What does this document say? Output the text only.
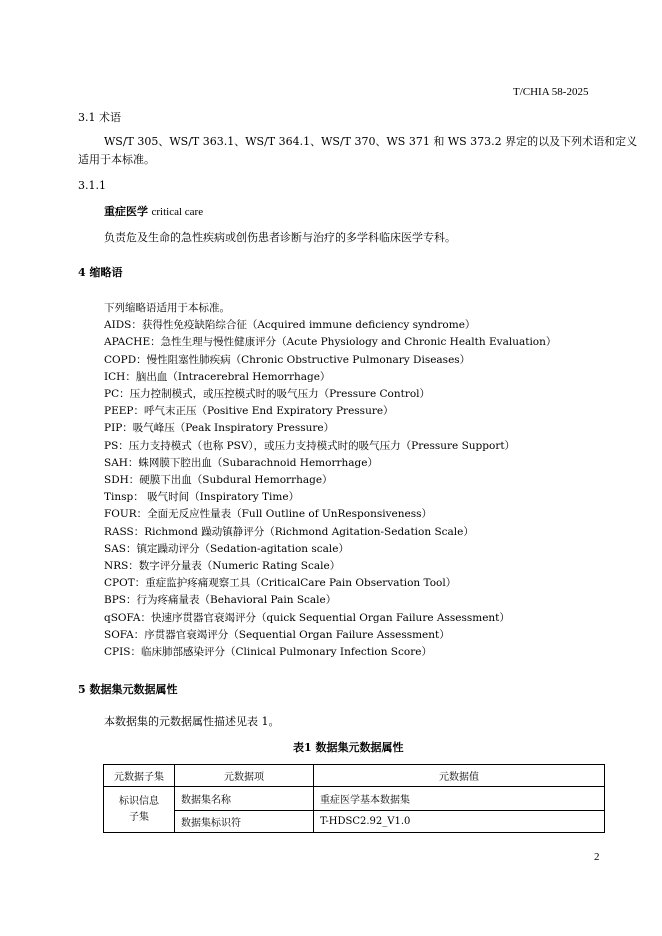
T/CHIA 58-2025
3.1 术语
WS/T 305、WS/T 363.1、WS/T 364.1、WS/T 370、WS 371 和 WS 373.2 界定的以及下列术语和定义
适用于本标准。
3.1.1
重症医学 critical care
负责危及生命的急性疾病或创伤患者诊断与治疗的多学科临床医学专科。
4 缩略语
下列缩略语适用于本标准。
AIDS：获得性免疫缺陷综合征（Acquired immune deficiency syndrome）
APACHE：急性生理与慢性健康评分（Acute Physiology and Chronic Health Evaluation）
COPD：慢性阻塞性肺疾病（Chronic Obstructive Pulmonary Diseases）
ICH：脑出血（Intracerebral Hemorrhage）
PC：压力控制模式，或压控模式时的吸气压力（Pressure Control）
PEEP：呼气末正压（Positive End Expiratory Pressure）
PIP：吸气峰压（Peak Inspiratory Pressure）
PS：压力支持模式（也称 PSV），或压力支持模式时的吸气压力（Pressure Support）
SAH：蛛网膜下腔出血（Subarachnoid Hemorrhage）
SDH：硬膜下出血（Subdural Hemorrhage）
Tinsp： 吸气时间（Inspiratory Time）
FOUR：全面无反应性量表（Full Outline of UnResponsiveness）
RASS：Richmond 躁动镇静评分（Richmond Agitation-Sedation Scale）
SAS：镇定躁动评分（Sedation-agitation scale）
NRS：数字评分量表（Numeric Rating Scale）
CPOT：重症监护疼痛观察工具（CriticalCare Pain Observation Tool）
BPS：行为疼痛量表（Behavioral Pain Scale）
qSOFA：快速序贯器官衰竭评分（quick Sequential Organ Failure Assessment）
SOFA：序贯器官衰竭评分（Sequential Organ Failure Assessment）
CPIS：临床肺部感染评分（Clinical Pulmonary Infection Score）
5 数据集元数据属性
本数据集的元数据属性描述见表 1。
表1 数据集元数据属性
元数据子集	元数据项	元数据值

标识信息
子集	数据集名称	重症医学基本数据集
	数据集标识符	T-HDSC2.92_V1.0
2
